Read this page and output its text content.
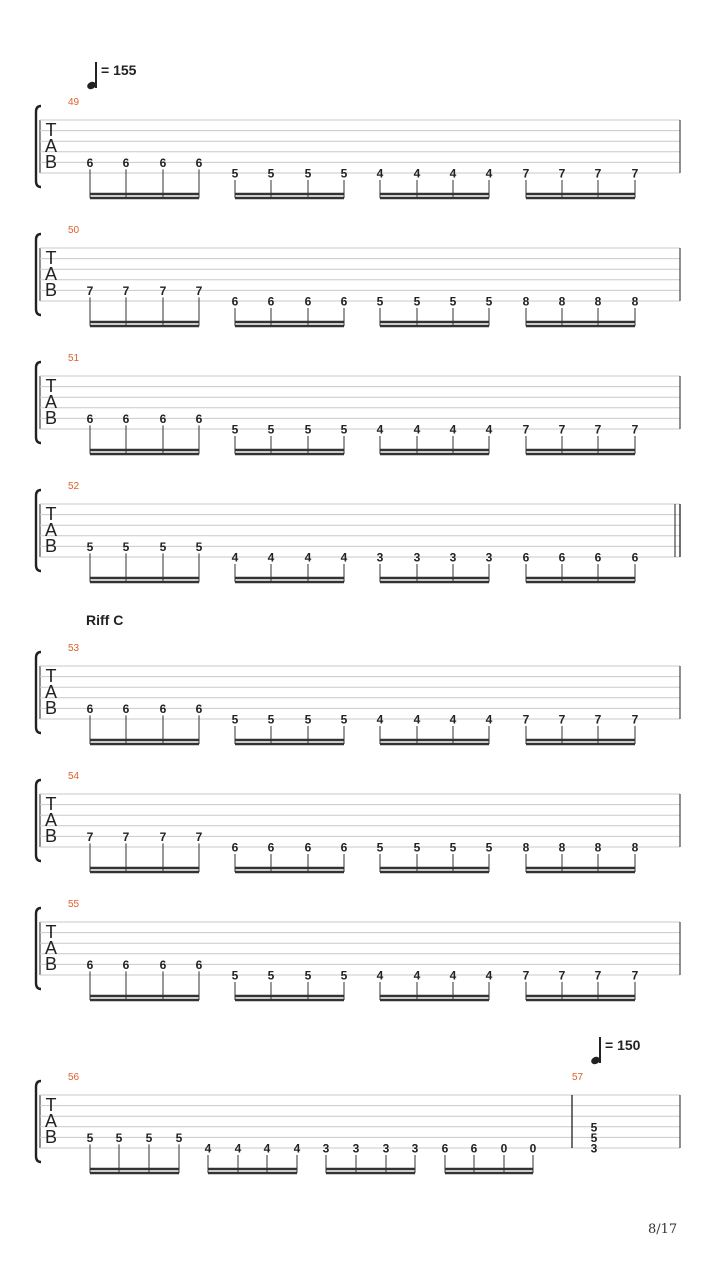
= 155
= 150
Riff C
49
50
51
52
53
54
55
56	57
T
A
B 6 6	6 6
5 5	5 5 4	4 4 4	7 7 7	7
T
A
B 7 7	7 7
6 6	6 6 5	5 5 5	8 8 8	8
T
A
B 6 6	6 6
5 5	5 5 4	4 4 4	7 7 7	7
T
A
B 5 5	5 5
4 4	4 4 3	3 3 3	6 6 6	6
T
A
B 6 6	6 6
5 5	5 5 4	4 4 4	7 7 7	7
T
A
B 7 7	7 7
6 6	6 6 5	5 5 5	8 8 8	8
T
A
B 6 6	6 6
5 5	5 5 4	4 4 4	7 7 7	7
T
A
B 5 5 5 5
4 4 4 4 3 3 3 3 6 6 0 0
5
5
3
8/17
